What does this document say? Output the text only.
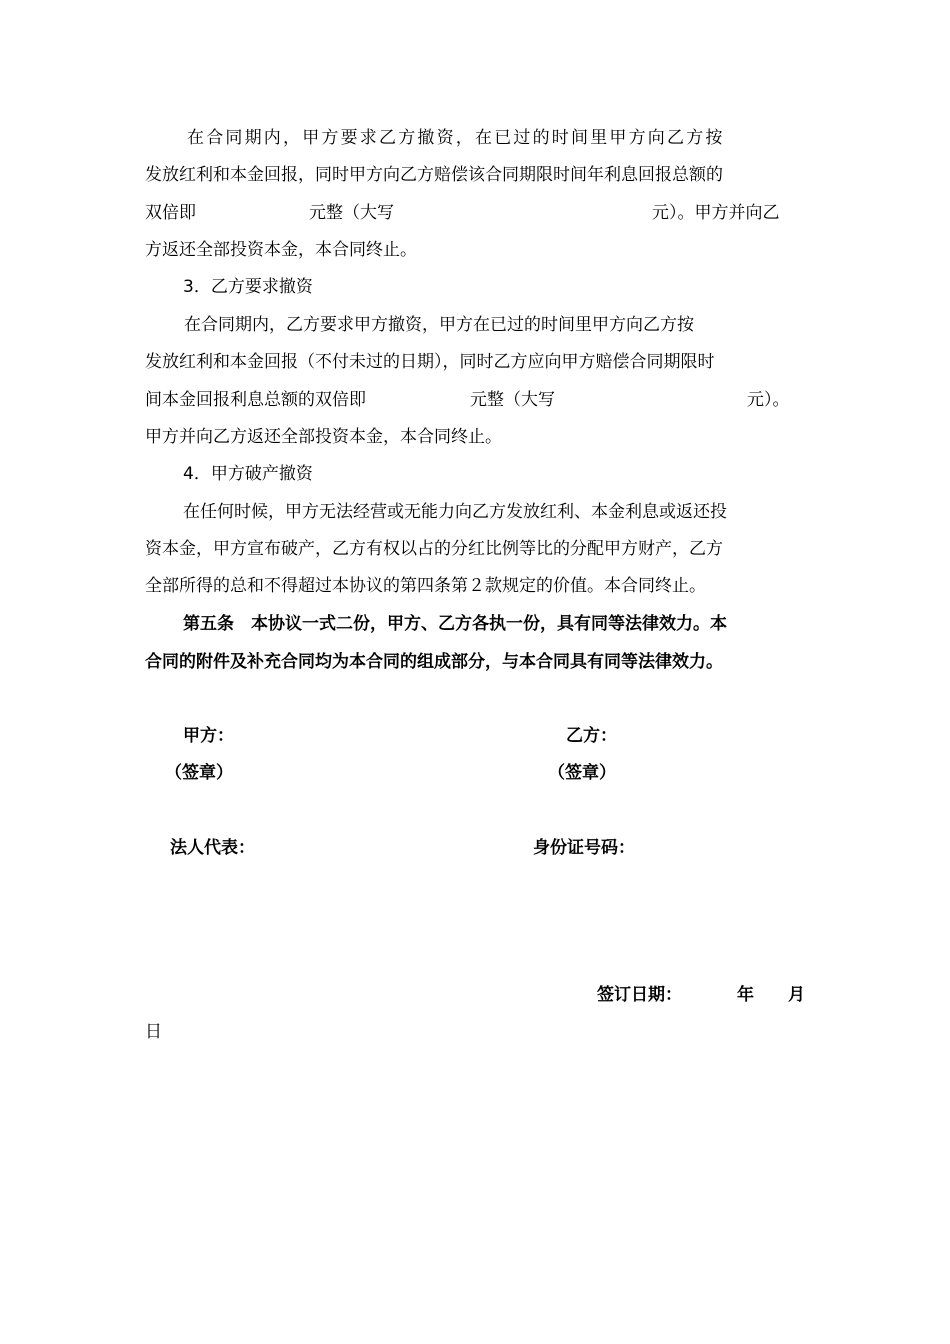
在合同期内，甲方要求乙方撤资，在已过的时间里甲方向乙方按
发放红利和本金回报，同时甲方向乙方赔偿该合同期限时间年利息回报总额的
双倍即	元整（大写	元）。甲方并向乙
方返还全部投资本金，本合同终止。
3．乙方要求撤资
在合同期内，乙方要求甲方撤资，甲方在已过的时间里甲方向乙方按
发放红利和本金回报（不付未过的日期），同时乙方应向甲方赔偿合同期限时
间本金回报利息总额的双倍即	元整（大写	元）。
甲方并向乙方返还全部投资本金，本合同终止。
4．甲方破产撤资
在任何时候，甲方无法经营或无能力向乙方发放红利、本金利息或返还投
资本金，甲方宣布破产，乙方有权以占的分红比例等比的分配甲方财产，乙方
全部所得的总和不得超过本协议的第四条第２款规定的价值。本合同终止。
第五条　本协议一式二份，甲方、乙方各执一份，具有同等法律效力。本
合同的附件及补充合同均为本合同的组成部分，与本合同具有同等法律效力。
甲方：	乙方：
（签章）	（签章）
法人代表：	身份证号码：
签订日期：	年 月
日
